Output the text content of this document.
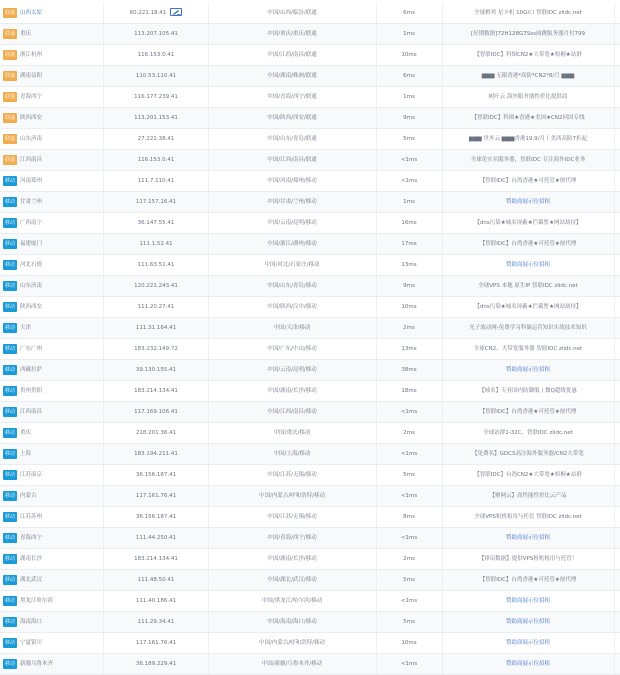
联通 山西太原	60.221.18.41	中国/山西/临汾/联通	6ms	全球橙鸡 星卡机 10Gi口 智联IDC zlidc.net
联通 重庆	113.207.105.41	中国/重庆/重庆/联通	1ms	[好期数据]72H128G7Sss闹跳服务器月付799
联通 浙江杭州	116.153.0.41	中国/江西/南昌/联通	10ms	【智联IDC】科图CN2★大带宽★梧桐★站群
联通 湖南益阳	110.53.110.41	中国/湖南/株洲/联通	6ms	▆▆▆ 无限香港*高防*CN2*8/月 ▆▆▆
联通 青海西宁	116.177.239.41	中国/青海/西宁/联通	1ms	树叶云 海外服务器性价比提供商
联通 陕西西安	113.201.153.41	中国/陕西/西安/联通	9ms	【智联IDC】科图★香港★美国★CN2回国专线
联通 山东济南	27.221.38.41	中国/山东/青岛/联通	5ms	▆▆▆ 世外云 ▆▆▆香港19.9/月丨美西高防7折起
联通 江西南昌	116.153.0.41	中国/江西/南昌/联通	<1ms	全球免实名服务器，智联IDC 专注海外IDC业务
移动 河南郑州	111.7.110.41	中国/河南/郑州/移动	<1ms	【智联IDC】台湾香港★可托管★按代理
移动 甘肃兰州	117.157.16.41	中国/甘肃/兰州/移动	1ms	赞助商展示位招租
移动 广西南宁	36.147.55.41	中国/云南/昆明/移动	16ms	【dns污染★城名屏蔽★拦截暂★网站劫持】
移动 福建厦门	111.1.52.41	中国/浙江/湖州/移动	17ms	【智联IDC】台湾香港★可托管★按代理
移动 河北石德	111.63.51.41	中国/河北/石家庄/移动	13ms	赞助商展示位招租
移动 山东济南	120.221.243.41	中国/山东/青岛/移动	9ms	全球VPS 本地 原生IP 智联IDC zlidc.net
移动 陕西西安	111.20.27.41	中国/陕西/汉中/移动	10ms	【dns污染★城名屏蔽★拦截暂★网站劫持】
移动 天津	111.31.164.41	中国/天津/移动	2ms	光子波动网-免费学习科储运营知识实战技术知识
移动 广东广州	183.232.149.72	中国/广东/中山/移动	13ms	全球CN2、大带宽服务器 智联IDC zlidc.net
移动 西藏拉萨	39.130.155.41	中国/云南/昆明/移动	38ms	赞助商展示位招租
移动 贵州贵阳	183.214.134.41	中国/湖南/长沙/移动	18ms	【域名】专业国内防御服丨微Q超级优惠
移动 江西南昌	117.169.106.41	中国/江西/南昌/移动	<1ms	【智联IDC】台湾香港★可托管★按代理
移动 重庆	218.201.36.41	中国/重庆/移动	2ms	全球站群1-32C、智联IDC zlidc.net
移动 上海	183.194.211.41	中国/上海/移动	<1ms	【免费名】GDCS高注海外服务器/CN2大带宽
移动 江苏南京	36.156.187.41	中国/江苏/无锡/移动	5ms	【智联IDC】台湾CN2★大带宽★梧桐★站群
移动 内蒙古	117.161.76.41	中国/内蒙古/呼和浩特/移动	<1ms	【聚网云】高性能性价比云产品
移动 江苏苏州	36.156.187.41	中国/江苏/无锡/移动	8ms	全球VPS租机租用与托管 智联IDC zlidc.net
移动 青海西宁	111.44.250.41	中国/青海/西宁/移动	<1ms	赞助商展示位招租
移动 湖南长沙	183.214.134.41	中国/湖南/长沙/移动	2ms	【锋诏数据】提供VPS租机租用与托管！
移动 湖北武汉	111.48.50.41	中国/湖北/武汉/移动	5ms	【智联IDC】台湾香港★可托管★按代理
移动 黑龙江哈尔滨	111.40.186.41	中国/黑龙江/哈尔滨/移动	<1ms	赞助商展示位招租
移动 海南海口	111.29.34.41	中国/海南/海口/移动	5ms	赞助商展示位招租
移动 宁夏银川	117.161.76.41	中国/内蒙古/呼和浩特/移动	10ms	赞助商展示位招租
移动 新疆乌鲁木齐	36.189.229.41	中国/新疆/乌鲁木齐/移动	<1ms	赞助商展示位招租
